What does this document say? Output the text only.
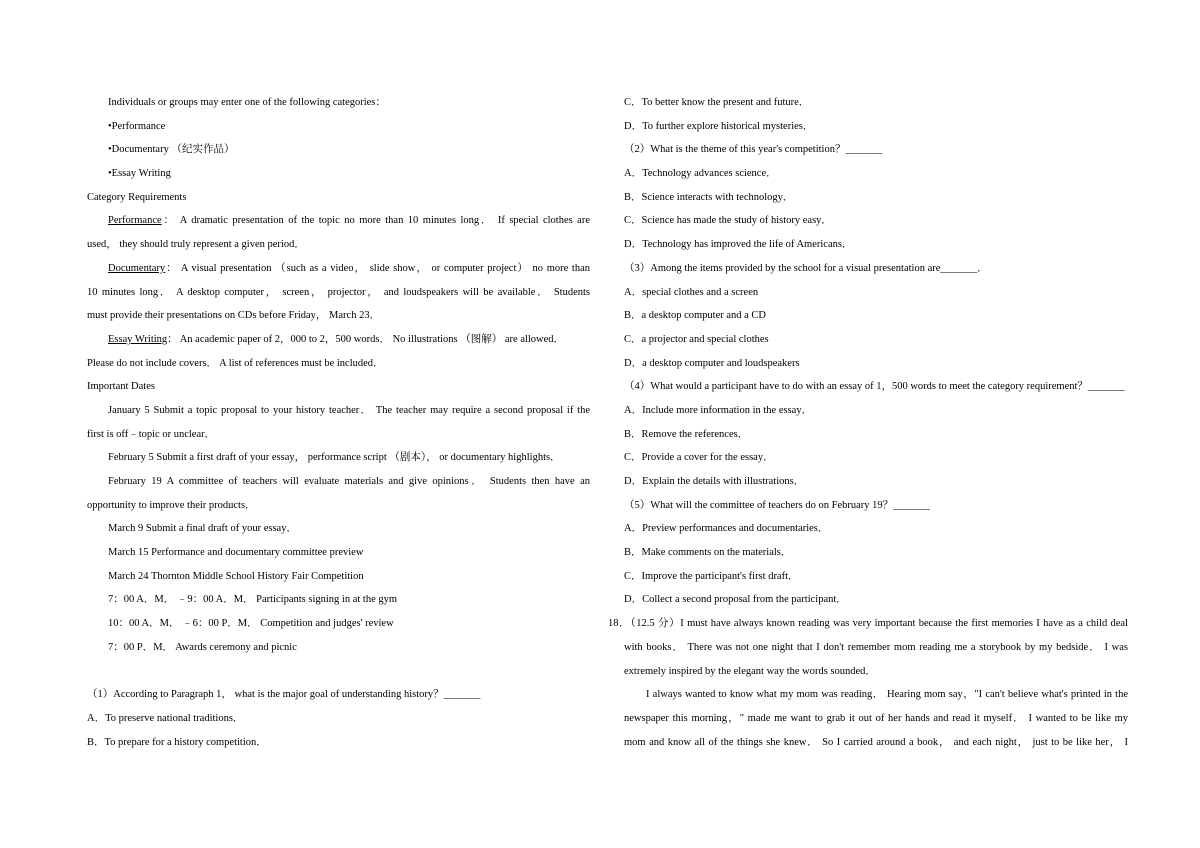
Individuals or groups may enter one of the following categories：
•Performance
•Documentary （纪实作品）
•Essay Writing
Category Requirements
Performance： A dramatic presentation of the topic no more than 10 minutes long． If special clothes are
used， they should truly represent a given period．
Documentary： A visual presentation （such as a video， slide show， or computer project） no more than
10 minutes long． A desktop computer， screen， projector， and loudspeakers will be available． Students
must provide their presentations on CDs before Friday， March 23．
Essay Writing： An academic paper of 2，000 to 2，500 words． No illustrations （图解） are allowed．
Please do not include covers． A list of references must be included．
Important Dates
January 5 Submit a topic proposal to your history teacher． The teacher may require a second proposal if the
first is off﹣topic or unclear．
February 5 Submit a first draft of your essay， performance script （剧本）， or documentary highlights．
February 19 A committee of teachers will evaluate materials and give opinions． Students then have an
opportunity to improve their products．
March 9 Submit a final draft of your essay．
March 15 Performance and documentary committee preview
March 24 Thornton Middle School History Fair Competition
7：00 A．M． ﹣9：00 A．M． Participants signing in at the gym
10：00 A．M． ﹣6：00 P．M． Competition and judges' review
7：00 P．M． Awards ceremony and picnic
（1）According to Paragraph 1， what is the major goal of understanding history？_______
A．To preserve national traditions．
B．To prepare for a history competition．
C．To better know the present and future．
D．To further explore historical mysteries．
（2）What is the theme of this year's competition？_______
A．Technology advances science．
B．Science interacts with technology．
C．Science has made the study of history easy．
D．Technology has improved the life of Americans．
（3）Among the items provided by the school for a visual presentation are_______．
A．special clothes and a screen
B．a desktop computer and a CD
C．a projector and special clothes
D．a desktop computer and loudspeakers
（4）What would a participant have to do with an essay of 1，500 words to meet the category requirement？_______
A．Include more information in the essay．
B．Remove the references．
C．Provide a cover for the essay．
D．Explain the details with illustrations．
（5）What will the committee of teachers do on February 19？_______
A．Preview performances and documentaries．
B．Make comments on the materials．
C．Improve the participant's first draft．
D．Collect a second proposal from the participant．
18．（12.5 分）I must have always known reading was very important because the first memories I have as a child deal
with books． There was not one night that I don't remember mom reading me a storybook by my bedside． I was
extremely inspired by the elegant way the words sounded．
I always wanted to know what my mom was reading． Hearing mom say，"I can't believe what's printed in the
newspaper this morning，" made me want to grab it out of her hands and read it myself． I wanted to be like my
mom and know all of the things she knew． So I carried around a book， and each night， just to be like her， I
